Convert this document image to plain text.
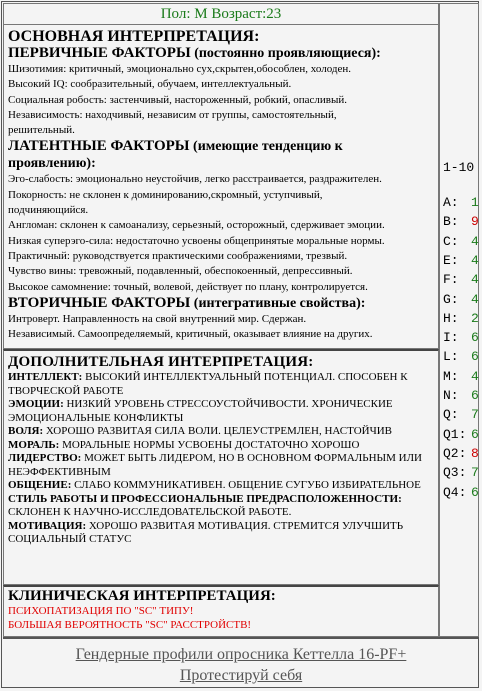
Пол: M Возраст:23

ОСНОВНАЯ ИНТЕРПРЕТАЦИЯ:

ПЕРВИЧНЫЕ ФАКТОРЫ (постоянно проявляющиеся):

Шизотимия: критичный, эмоционально сух,скрытен,обособлен, холоден.

Высокий IQ: сообразительный, обучаем, интеллектуальный.

Социальная робость: застенчивый, настороженный, робкий, опасливый.

Независимость: находчивый, независим от группы, самостоятельный,

решительный.

ЛАТЕНТНЫЕ ФАКТОРЫ (имеющие тенденцию к

проявлению):

Эго-слабость: эмоционально неустойчив, легко расстраивается, раздражителен.

Покорность: не склонен к доминированию,скромный, уступчивый,

подчиняющийся.

Англоман: склонен к самоанализу, серьезный, осторожный, сдерживает эмоции.

Низкая суперэго-сила: недостаточно усвоены общепринятые моральные нормы.

Практичный: руководствуется практическими соображениями, трезвый.

Чувство вины: тревожный, подавленный, обеспокоенный, депрессивный.

Высокое самомнение: точный, волевой, действует по плану, контролируется.

ВТОРИЧНЫЕ ФАКТОРЫ (интегративные свойства):

Интроверт. Направленность на свой внутренний мир. Сдержан.

Независимый. Самоопределяемый, критичный, оказывает влияние на других.

ДОПОЛНИТЕЛЬНАЯ ИНТЕРПРЕТАЦИЯ:

ИНТЕЛЛЕКТ: ВЫСОКИЙ ИНТЕЛЛЕКТУАЛЬНЫЙ ПОТЕНЦИАЛ. СПОСОБЕН К ТВОРЧЕСКОЙ РАБОТЕ

ЭМОЦИИ: НИЗКИЙ УРОВЕНЬ СТРЕССОУСТОЙЧИВОСТИ. ХРОНИЧЕСКИЕ ЭМОЦИОНАЛЬНЫЕ КОНФЛИКТЫ

ВОЛЯ: ХОРОШО РАЗВИТАЯ СИЛА ВОЛИ. ЦЕЛЕУСТРЕМЛЕН, НАСТОЙЧИВ

МОРАЛЬ: МОРАЛЬНЫЕ НОРМЫ УСВОЕНЫ ДОСТАТОЧНО ХОРОШО

ЛИДЕРСТВО: МОЖЕТ БЫТЬ ЛИДЕРОМ, НО В ОСНОВНОМ ФОРМАЛЬНЫМ ИЛИ НЕЭФФЕКТИВНЫМ

ОБЩЕНИЕ: СЛАБО КОММУНИКАТИВЕН. ОБЩЕНИЕ СУГУБО ИЗБИРАТЕЛЬНОЕ

СТИЛЬ РАБОТЫ И ПРОФЕССИОНАЛЬНЫЕ ПРЕДРАСПОЛОЖЕННОСТИ: СКЛОНЕН К НАУЧНО-ИССЛЕДОВАТЕЛЬСКОЙ РАБОТЕ.

МОТИВАЦИЯ: ХОРОШО РАЗВИТАЯ МОТИВАЦИЯ. СТРЕМИТСЯ УЛУЧШИТЬ СОЦИАЛЬНЫЙ СТАТУС

КЛИНИЧЕСКАЯ ИНТЕРПРЕТАЦИЯ:

ПСИХОПАТИЗАЦИЯ ПО "SC" ТИПУ!

БОЛЬШАЯ ВЕРОЯТНОСТЬ "SC" РАССТРОЙСТВ!

1-10
A: 1
B: 9
C: 4
E: 4
F: 4
G: 4
H: 2
I: 6
L: 6
M: 4
N: 6
Q: 7
Q1: 6
Q2: 8
Q3: 7
Q4: 6
Гендерные профили опросника Кеттелла 16-PF+
Протестируй себя
